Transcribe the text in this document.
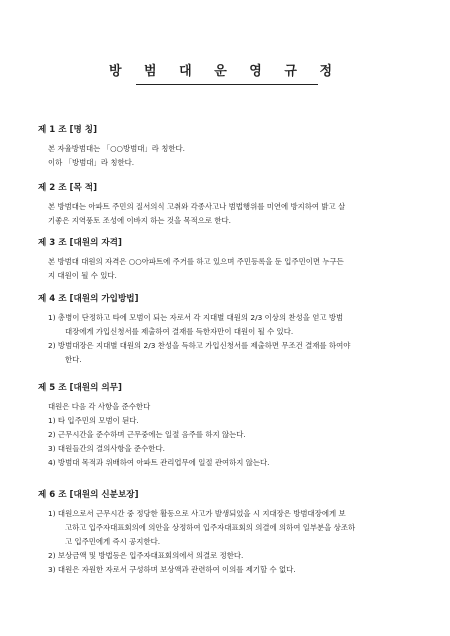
방 범 대 운 영 규 정
제 1 조 [명 칭]
본 자율방범대는 「○○방범대」라 칭한다.
이하 「방범대」라 칭한다.
제 2 조 [목 적]
본 방범대는 아파트 주민의 질서의식 고취와 각종사고나 범법행위를 미연에 방지하여 밝고 살
기좋은 지역풍토 조성에 이바지 하는 것을 목적으로 한다.
제 3 조 [대원의 자격]
본 방범대 대원의 자격은 ○○아파트에 주거를 하고 있으며 주민등록을 둔 입주민이면 누구든
지 대원이 될 수 있다.
제 4 조 [대원의 가입방법]
1) 총병이 단정하고 타에 모범이 되는 자로서 각 지대별 대원의 2/3 이상의 찬성을 얻고 방범
대장에게 가입신청서를 제출하여 결재를 득한자만이 대원이 될 수 있다.
2) 방범대장은 지대별 대원의 2/3 찬성을 득하고 가입신청서를 제출하면 무조건 결재를 하여야
한다.
제 5 조 [대원의 의무]
대원은 다음 각 사항을 준수한다
1) 타 입주민의 모범이 된다.
2) 근무시간을 준수하며 근무중에는 일절 음주를 하지 않는다.
3) 대원들간의 결의사항을 준수한다.
4) 방범대 목적과 위배하여 아파트 관리업무에 일절 관여하지 않는다.
제 6 조 [대원의 신분보장]
1) 대원으로서 근무시간 중 정당한 활동으로 사고가 발생되었을 시 지대장은 방범대장에게 보
고하고 입주자대표회의에 의안을 상정하여 입주자대표회의 의결에 의하여 일부분을 상조하
고 입주민에게 즉시 공지한다.
2) 보상금액 및 방법등은 입주자대표회의에서 의결로 정한다.
3) 대원은 자원한 자로서 구성하며 보상액과 관련하여 이의를 제기할 수 없다.
